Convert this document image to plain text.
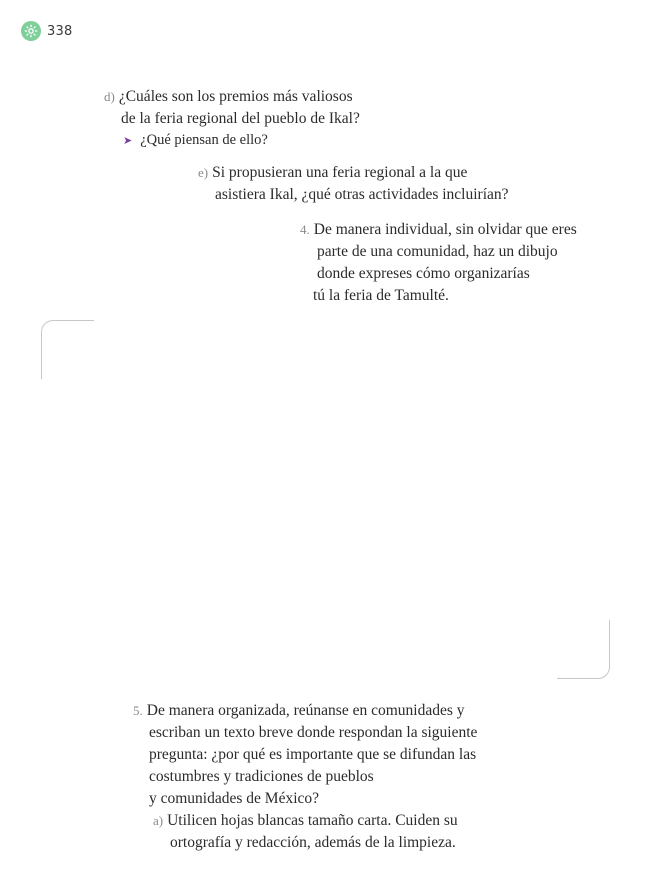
338
d) ¿Cuáles son los premios más valiosos
de la feria regional del pueblo de Ikal?
➤ ¿Qué piensan de ello?
e) Si propusieran una feria regional a la que
asistiera Ikal, ¿qué otras actividades incluirían?
4. De manera individual, sin olvidar que eres
parte de una comunidad, haz un dibujo
donde expreses cómo organizarías
tú la feria de Tamulté.
5. De manera organizada, reúnanse en comunidades y
escriban un texto breve donde respondan la siguiente
pregunta: ¿por qué es importante que se difundan las
costumbres y tradiciones de pueblos
y comunidades de México?
a) Utilicen hojas blancas tamaño carta. Cuiden su
ortografía y redacción, además de la limpieza.
